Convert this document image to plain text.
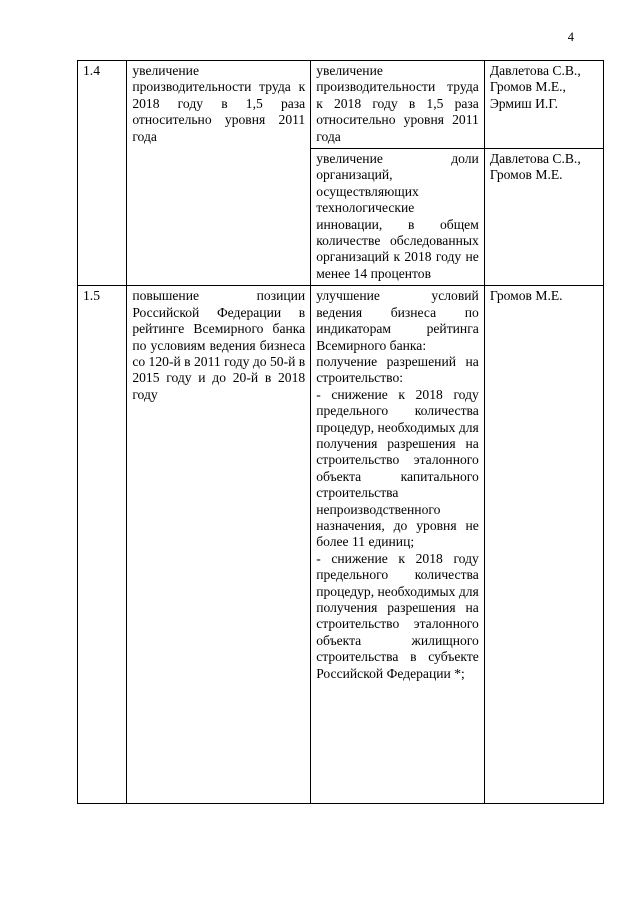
4
1.4	увеличение производительности труда к 2018 году в 1,5 раза относительно уровня 2011 года	увеличение производительности труда к 2018 году в 1,5 раза относительно уровня 2011 года	Давлетова С.В., Громов М.Е., Эрмиш И.Г.
		увеличение доли организаций, осуществляющих технологические инновации, в общем количестве обследованных организаций к 2018 году не менее 14 процентов	Давлетова С.В., Громов М.Е.
1.5	повышение позиции Российской Федерации в рейтинге Всемирного банка по условиям ведения бизнеса со 120-й в 2011 году до 50-й в 2015 году и до 20-й в 2018 году	улучшение условий ведения бизнеса по индикаторам рейтинга Всемирного банка:
получение разрешений на строительство:
- снижение к 2018 году предельного количества процедур, необходимых для получения разрешения на строительство эталонного объекта капитального строительства непроизводственного назначения, до уровня не более 11 единиц;
- снижение к 2018 году предельного количества процедур, необходимых для получения разрешения на строительство эталонного объекта жилищного строительства в субъекте Российской Федерации *;	Громов М.Е.
